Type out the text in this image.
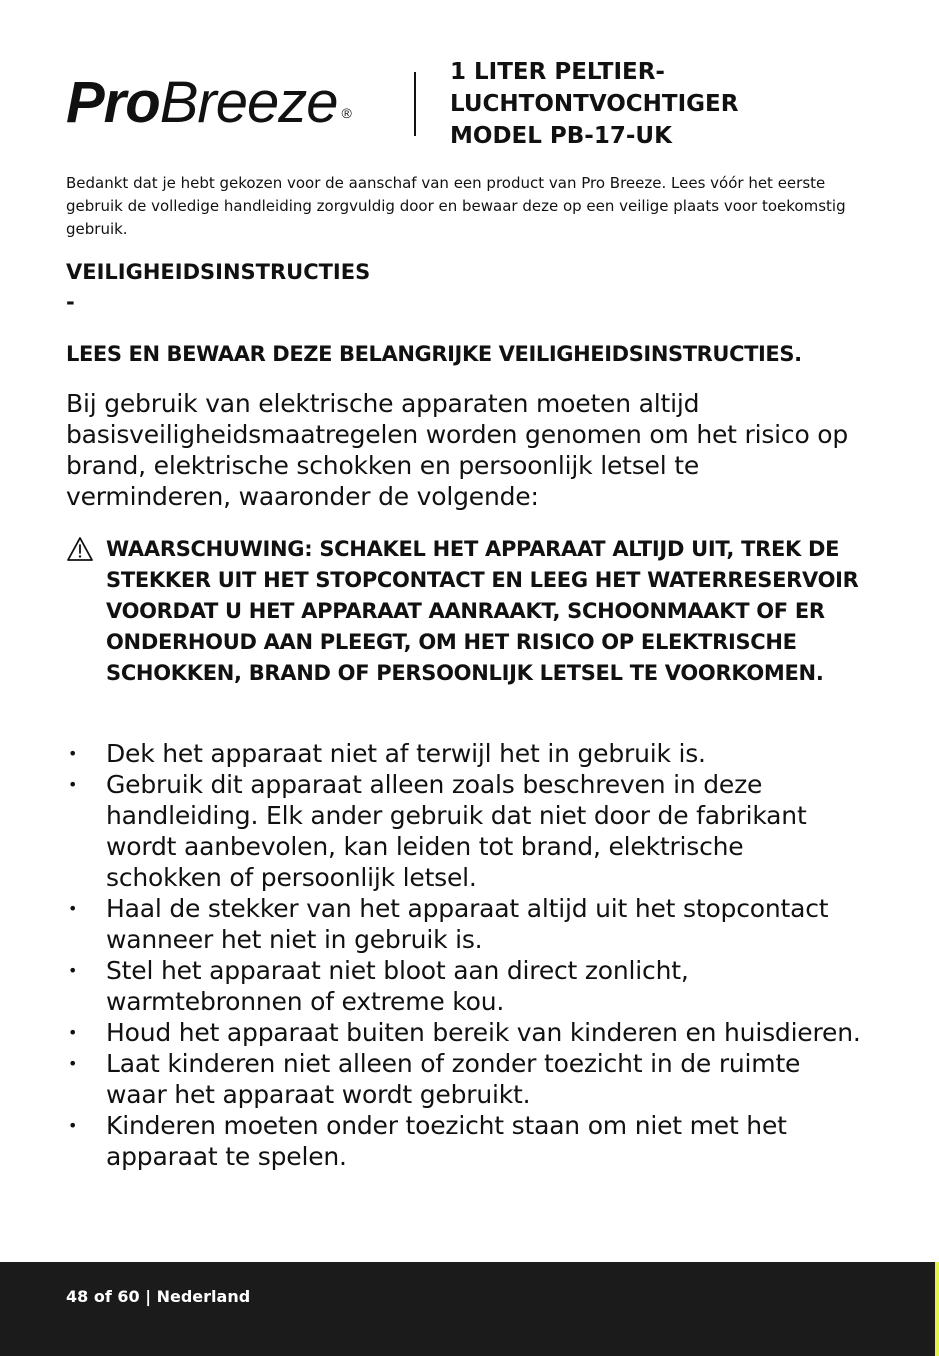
ProBreeze ®
1 LITER PELTIER-
LUCHTONTVOCHTIGER
MODEL PB-17-UK
Bedankt dat je hebt gekozen voor de aanschaf van een product van Pro Breeze. Lees vóór het eerste gebruik de volledige handleiding zorgvuldig door en bewaar deze op een veilige plaats voor toekomstig gebruik.
VEILIGHEIDSINSTRUCTIES
-
LEES EN BEWAAR DEZE BELANGRIJKE VEILIGHEIDSINSTRUCTIES.
Bij gebruik van elektrische apparaten moeten altijd basisveiligheidsmaatregelen worden genomen om het risico op brand, elektrische schokken en persoonlijk letsel te verminderen, waaronder de volgende:
WAARSCHUWING: SCHAKEL HET APPARAAT ALTIJD UIT, TREK DE STEKKER UIT HET STOPCONTACT EN LEEG HET WATERRESERVOIR VOORDAT U HET APPARAAT AANRAAKT, SCHOONMAAKT OF ER ONDERHOUD AAN PLEEGT, OM HET RISICO OP ELEKTRISCHE SCHOKKEN, BRAND OF PERSOONLIJK LETSEL TE VOORKOMEN.
• Dek het apparaat niet af terwijl het in gebruik is.
• Gebruik dit apparaat alleen zoals beschreven in deze handleiding. Elk ander gebruik dat niet door de fabrikant wordt aanbevolen, kan leiden tot brand, elektrische schokken of persoonlijk letsel.
• Haal de stekker van het apparaat altijd uit het stopcontact wanneer het niet in gebruik is.
• Stel het apparaat niet bloot aan direct zonlicht, warmtebronnen of extreme kou.
• Houd het apparaat buiten bereik van kinderen en huisdieren.
• Laat kinderen niet alleen of zonder toezicht in de ruimte waar het apparaat wordt gebruikt.
• Kinderen moeten onder toezicht staan om niet met het apparaat te spelen.
48 of 60 | Nederland
